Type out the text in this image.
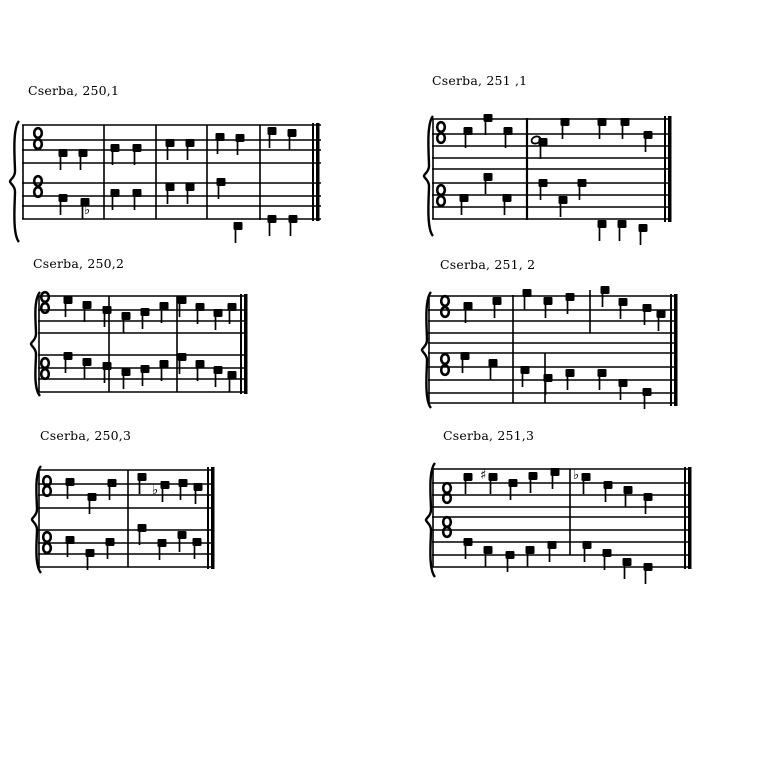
Cserba, 250,1
Cserba, 251 ,1
Cserba, 250,2	Cserba, 251, 2
Cserba, 250,3	Cserba, 251,3
♭
♭
♯	♭
